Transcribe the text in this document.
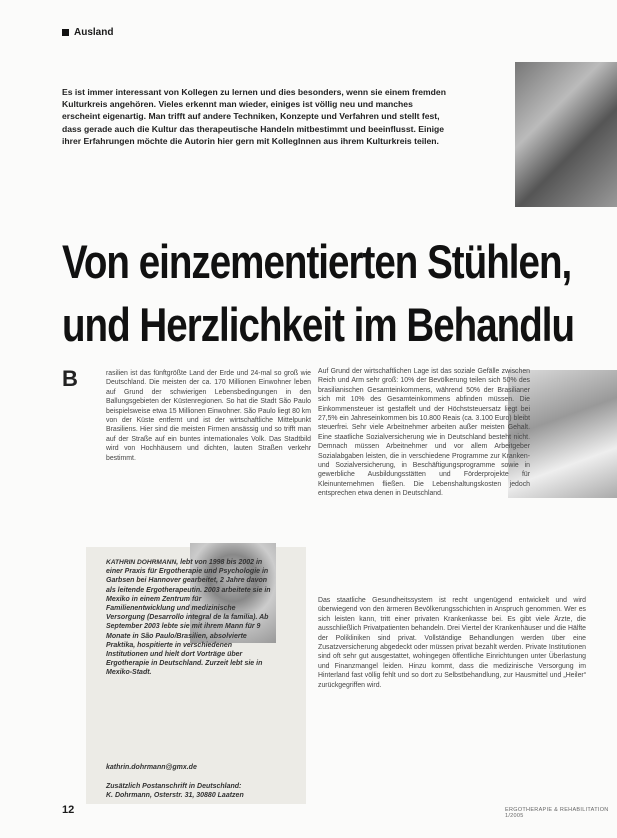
Ausland

Es ist immer interessant von Kollegen zu lernen und dies besonders, wenn sie einem fremden Kulturkreis angehören. Vieles erkennt man wieder, einiges ist völlig neu und manches erscheint eigenartig. Man trifft auf andere Techniken, Konzepte und Verfahren und stellt fest, dass gerade auch die Kultur das therapeutische Handeln mitbestimmt und beeinflusst. Einige ihrer Erfahrungen möchte die Autorin hier gern mit KollegInnen aus ihrem Kulturkreis teilen.

Von einzementierten Stühlen,
und Herzlichkeit im Behandlu
B	rasilien ist das fünftgrößte Land der Erde und 24-mal so groß wie Deutschland. Die meisten der ca. 170 Millionen Einwohner leben auf Grund der schwierigen Lebensbedingungen in den Ballungsgebieten der Küstenregionen. So hat die Stadt São Paulo beispielsweise etwa 15 Millionen Einwohner. São Paulo liegt 80 km von der Küste entfernt und ist der wirtschaftliche Mittelpunkt Brasiliens. Hier sind die meisten Firmen ansässig und so trifft man auf der Straße auf ein buntes internationales Volk. Das Stadtbild wird von Hochhäusern und dichten, lauten Straßen verkehr bestimmt.
Auf Grund der wirtschaftlichen Lage ist das soziale Gefälle zwischen Reich und Arm sehr groß: 10% der Bevölkerung teilen sich 50% des brasilianischen Gesamteinkommens, während 50% der Brasilianer sich mit 10% des Gesamteinkommens abfinden müssen. Die Einkommensteuer ist gestaffelt und der Höchststeuersatz liegt bei 27,5% ein Jahreseinkommen bis 10.800 Reais (ca. 3.100 Euro) bleibt steuerfrei. Sehr viele Arbeitnehmer arbeiten außer meisten Gehalt. Eine staatliche Sozialversicherung wie in Deutschland besteht nicht. Demnach müssen Arbeitnehmer und vor allem Arbeitgeber Sozialabgaben leisten, die in verschiedene Programme zur Kranken- und Sozialversicherung, in Beschäftigungsprogramme sowie in gewerbliche Ausbildungsstätten und Förderprojekte für Kleinunternehmen fließen. Die Lebenshaltungskosten jedoch entsprechen etwa denen in Deutschland.
Das staatliche Gesundheitssystem ist recht ungenügend entwickelt und wird überwiegend von den ärmeren Bevölkerungsschichten in Anspruch genommen. Wer es sich leisten kann, tritt einer privaten Krankenkasse bei. Es gibt viele Ärzte, die ausschließlich Privatpatienten behandeln. Drei Viertel der Krankenhäuser und die Hälfte der Polikliniken sind privat. Vollständige Behandlungen werden über eine Zusatzversicherung abgedeckt oder müssen privat bezahlt werden. Private Institutionen sind oft sehr gut ausgestattet, wohingegen öffentliche Einrichtungen unter Überlastung und Finanzmangel leiden. Hinzu kommt, dass die medizinische Versorgung im Hinterland fast völlig fehlt und so dort zu Selbstbehandlung, zur Hausmittel und „Heiler“ zurückgegriffen wird.
KATHRIN DOHRMANN, lebt von 1998 bis 2002 in einer Praxis für Ergotherapie und Psychologie in Garbsen bei Hannover gearbeitet, 2 Jahre davon als leitende Ergotherapeutin. 2003 arbeitete sie in Mexiko in einem Zentrum für Familienentwicklung und medizinische Versorgung (Desarrollo integral de la familia). Ab September 2003 lebte sie mit ihrem Mann für 9 Monate in São Paulo/Brasilien, absolvierte Praktika, hospitierte in verschiedenen Institutionen und hielt dort Vorträge über Ergotherapie in Deutschland. Zurzeit lebt sie in Mexiko-Stadt.
kathrin.dohrmann@gmx.de
Zusätzlich Postanschrift in Deutschland:
K. Dohrmann, Osterstr. 31, 30880 Laatzen
12	ERGOTHERAPIE & REHABILITATION 1/2005
